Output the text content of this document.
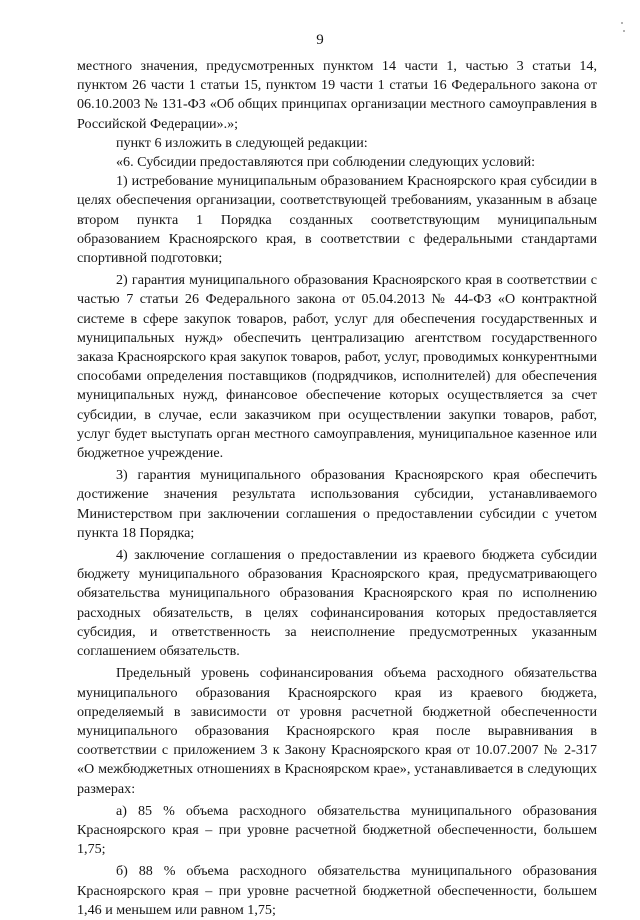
9

местного значения, предусмотренных пунктом 14 части 1, частью 3 статьи 14, пунктом 26 части 1 статьи 15, пунктом 19 части 1 статьи 16 Федерального закона от 06.10.2003 № 131-ФЗ «Об общих принципах организации местного самоуправления в Российской Федерации».»;

пункт 6 изложить в следующей редакции:

«6. Субсидии предоставляются при соблюдении следующих условий:

1) истребование муниципальным образованием Красноярского края субсидии в целях обеспечения организации, соответствующей требованиям, указанным в абзаце втором пункта 1 Порядка созданных соответствующим муниципальным образованием Красноярского края, в соответствии с федеральными стандартами спортивной подготовки;

2) гарантия муниципального образования Красноярского края в соответствии с частью 7 статьи 26 Федерального закона от 05.04.2013 № 44-ФЗ «О контрактной системе в сфере закупок товаров, работ, услуг для обеспечения государственных и муниципальных нужд» обеспечить централизацию агентством государственного заказа Красноярского края закупок товаров, работ, услуг, проводимых конкурентными способами определения поставщиков (подрядчиков, исполнителей) для обеспечения муниципальных нужд, финансовое обеспечение которых осуществляется за счет субсидии, в случае, если заказчиком при осуществлении закупки товаров, работ, услуг будет выступать орган местного самоуправления, муниципальное казенное или бюджетное учреждение.

3) гарантия муниципального образования Красноярского края обеспечить достижение значения результата использования субсидии, устанавливаемого Министерством при заключении соглашения о предоставлении субсидии с учетом пункта 18 Порядка;

4) заключение соглашения о предоставлении из краевого бюджета субсидии бюджету муниципального образования Красноярского края, предусматривающего обязательства муниципального образования Красноярского края по исполнению расходных обязательств, в целях софинансирования которых предоставляется субсидия, и ответственность за неисполнение предусмотренных указанным соглашением обязательств.

Предельный уровень софинансирования объема расходного обязательства муниципального образования Красноярского края из краевого бюджета, определяемый в зависимости от уровня расчетной бюджетной обеспеченности муниципального образования Красноярского края после выравнивания в соответствии с приложением 3 к Закону Красноярского края от 10.07.2007 № 2-317 «О межбюджетных отношениях в Красноярском крае», устанавливается в следующих размерах:

а) 85 % объема расходного обязательства муниципального образования Красноярского края – при уровне расчетной бюджетной обеспеченности, большем 1,75;

б) 88 % объема расходного обязательства муниципального образования Красноярского края – при уровне расчетной бюджетной обеспеченности, большем 1,46 и меньшем или равном 1,75;
